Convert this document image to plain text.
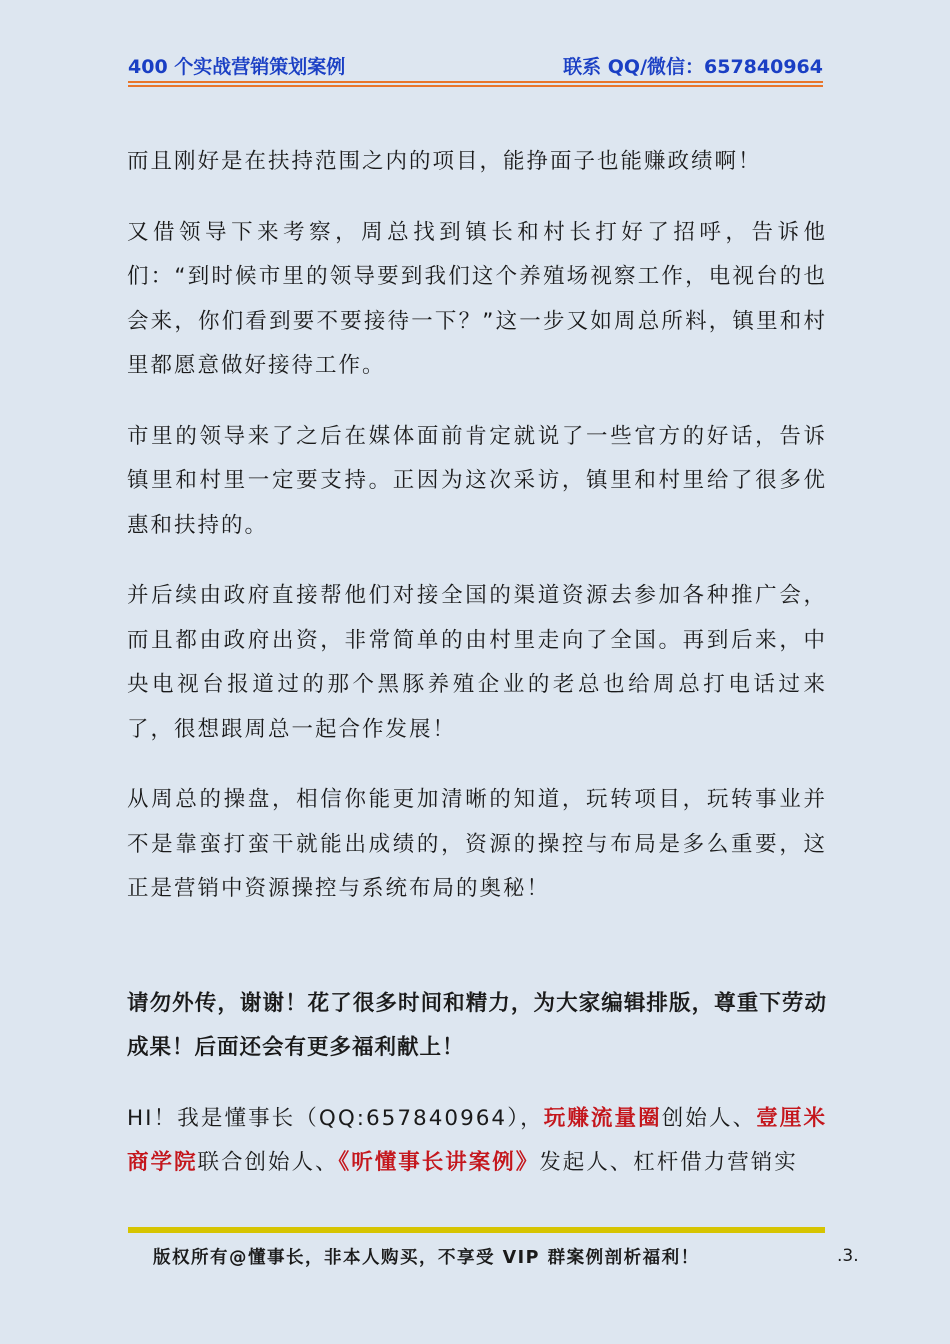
400 个实战营销策划案例	联系 QQ/微信：657840964

而且刚好是在扶持范围之内的项目，能挣面子也能赚政绩啊！

又借领导下来考察，周总找到镇长和村长打好了招呼，告诉他们：“到时候市里的领导要到我们这个养殖场视察工作，电视台的也会来，你们看到要不要接待一下？”这一步又如周总所料，镇里和村里都愿意做好接待工作。

市里的领导来了之后在媒体面前肯定就说了一些官方的好话，告诉镇里和村里一定要支持。正因为这次采访，镇里和村里给了很多优惠和扶持的。

并后续由政府直接帮他们对接全国的渠道资源去参加各种推广会，而且都由政府出资，非常简单的由村里走向了全国。再到后来，中央电视台报道过的那个黑豚养殖企业的老总也给周总打电话过来了，很想跟周总一起合作发展！

从周总的操盘，相信你能更加清晰的知道，玩转项目，玩转事业并不是靠蛮打蛮干就能出成绩的，资源的操控与布局是多么重要，这正是营销中资源操控与系统布局的奥秘！

请勿外传，谢谢！花了很多时间和精力，为大家编辑排版，尊重下劳动成果！后面还会有更多福利献上！

HI！我是懂事长（QQ:657840964），玩赚流量圈创始人、壹厘米商学院联合创始人、《听懂事长讲案例》发起人、杠杆借力营销实

版权所有@懂事长，非本人购买，不享受 VIP 群案例剖析福利！	.3.
